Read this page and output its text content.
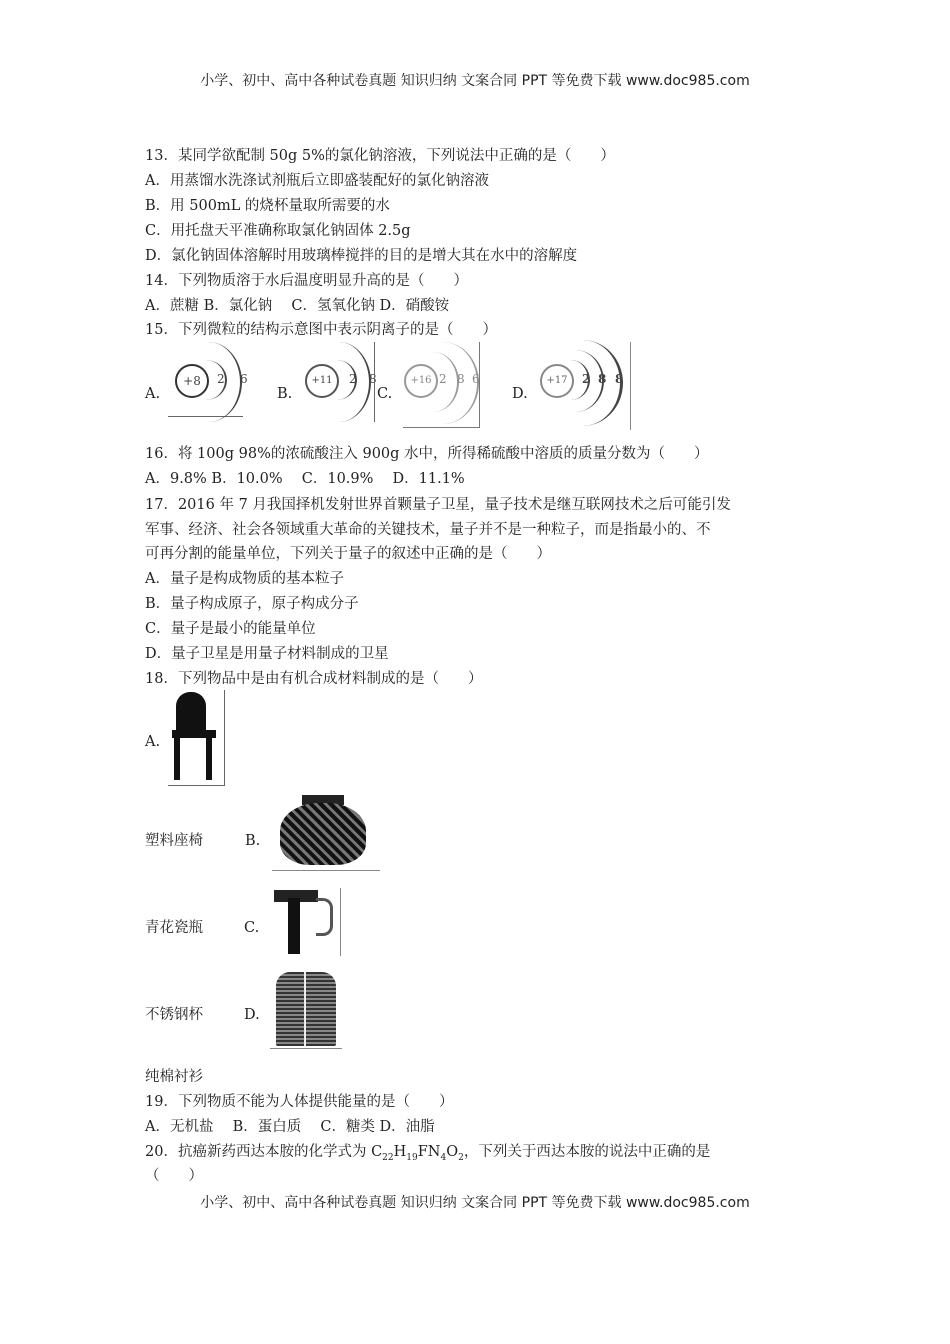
小学、初中、高中各种试卷真题 知识归纳 文案合同 PPT 等免费下载 www.doc985.com
13．某同学欲配制 50g 5%的氯化钠溶液，下列说法中正确的是（　　）
A．用蒸馏水洗涤试剂瓶后立即盛装配好的氯化钠溶液
B．用 500mL 的烧杯量取所需要的水
C．用托盘天平准确称取氯化钠固体 2.5g
D．氯化钠固体溶解时用玻璃棒搅拌的目的是增大其在水中的溶解度
14．下列物质溶于水后温度明显升高的是（　　）
A．蔗糖 B．氯化钠　 C．氢氧化钠 D．硝酸铵
15．下列微粒的结构示意图中表示阴离子的是（　　）
A.
+8	2 6
B.
+11	2 8
C.
+16 2 8 6
D.
+17	2 8 8
16．将 100g 98%的浓硫酸注入 900g 水中，所得稀硫酸中溶质的质量分数为（　　）
A．9.8% B．10.0%　 C．10.9%　 D．11.1%
17．2016 年 7 月我国择机发射世界首颗量子卫星，量子技术是继互联网技术之后可能引发
军事、经济、社会各领域重大革命的关键技术，量子并不是一种粒子，而是指最小的、不
可再分割的能量单位，下列关于量子的叙述中正确的是（　　）
A．量子是构成物质的基本粒子
B．量子构成原子，原子构成分子
C．量子是最小的能量单位
D．量子卫星是用量子材料制成的卫星
18．下列物品中是由有机合成材料制成的是（　　）
A.
塑料座椅	B.
青花瓷瓶	C.
不锈钢杯	D.
纯棉衬衫
19．下列物质不能为人体提供能量的是（　　）
A．无机盐　 B．蛋白质　 C．糖类 D．油脂
20．抗癌新药西达本胺的化学式为 $C_{22}H_{19}FN_4O_2$，下列关于西达本胺的说法中正确的是
（　　）
小学、初中、高中各种试卷真题 知识归纳 文案合同 PPT 等免费下载 www.doc985.com
